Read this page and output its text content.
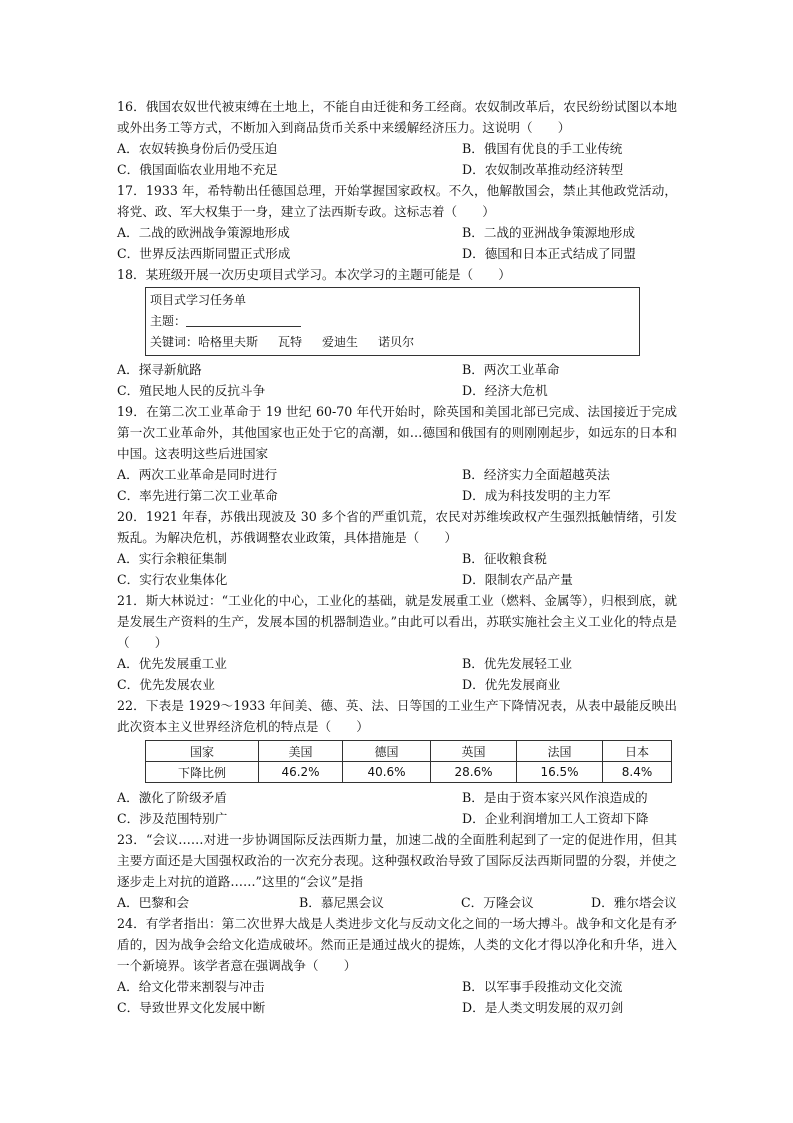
16．俄国农奴世代被束缚在土地上，不能自由迁徙和务工经商。农奴制改革后，农民纷纷试图以本地或外出务工等方式，不断加入到商品货币关系中来缓解经济压力。这说明（　　）
A．农奴转换身份后仍受压迫	B．俄国有优良的手工业传统
C．俄国面临农业用地不充足	D．农奴制改革推动经济转型
17．1933 年，希特勒出任德国总理，开始掌握国家政权。不久，他解散国会，禁止其他政党活动，将党、政、军大权集于一身，建立了法西斯专政。这标志着（　　）
A．二战的欧洲战争策源地形成	B．二战的亚洲战争策源地形成
C．世界反法西斯同盟正式形成	D．德国和日本正式结成了同盟
18．某班级开展一次历史项目式学习。本次学习的主题可能是（　　）
项目式学习任务单
主题：
关键词：哈格里夫斯 瓦特 爱迪生 诺贝尔
A．探寻新航路	B．两次工业革命
C．殖民地人民的反抗斗争	D．经济大危机
19．在第二次工业革命于 19 世纪 60-70 年代开始时，除英国和美国北部已完成、法国接近于完成第一次工业革命外，其他国家也正处于它的高潮，如…德国和俄国有的则刚刚起步，如远东的日本和中国。这表明这些后进国家
A．两次工业革命是同时进行	B．经济实力全面超越英法
C．率先进行第二次工业革命	D．成为科技发明的主力军
20．1921 年春，苏俄出现波及 30 多个省的严重饥荒，农民对苏维埃政权产生强烈抵触情绪，引发叛乱。为解决危机，苏俄调整农业政策，具体措施是（　　）
A．实行余粮征集制	B．征收粮食税
C．实行农业集体化	D．限制农产品产量
21．斯大林说过：“工业化的中心，工业化的基础，就是发展重工业（燃料、金属等），归根到底，就是发展生产资料的生产，发展本国的机器制造业。”由此可以看出，苏联实施社会主义工业化的特点是（　　）
A．优先发展重工业	B．优先发展轻工业
C．优先发展农业	D．优先发展商业
22．下表是 1929～1933 年间美、德、英、法、日等国的工业生产下降情况表，从表中最能反映出此次资本主义世界经济危机的特点是（　　）
国家	美国	德国	英国	法国	日本
下降比例	46.2%	40.6%	28.6%	16.5%	8.4%
A．激化了阶级矛盾	B．是由于资本家兴风作浪造成的
C．涉及范围特别广	D．企业利润增加工人工资却下降
23．“会议……对进一步协调国际反法西斯力量，加速二战的全面胜利起到了一定的促进作用，但其主要方面还是大国强权政治的一次充分表现。这种强权政治导致了国际反法西斯同盟的分裂，并使之逐步走上对抗的道路……”这里的“会议”是指
A．巴黎和会	B．慕尼黑会议	C．万隆会议	D．雅尔塔会议
24．有学者指出：第二次世界大战是人类进步文化与反动文化之间的一场大搏斗。战争和文化是有矛盾的，因为战争会给文化造成破坏。然而正是通过战火的提炼，人类的文化才得以净化和升华，进入一个新境界。该学者意在强调战争（　　）
A．给文化带来割裂与冲击	B．以军事手段推动文化交流
C．导致世界文化发展中断	D．是人类文明发展的双刃剑
